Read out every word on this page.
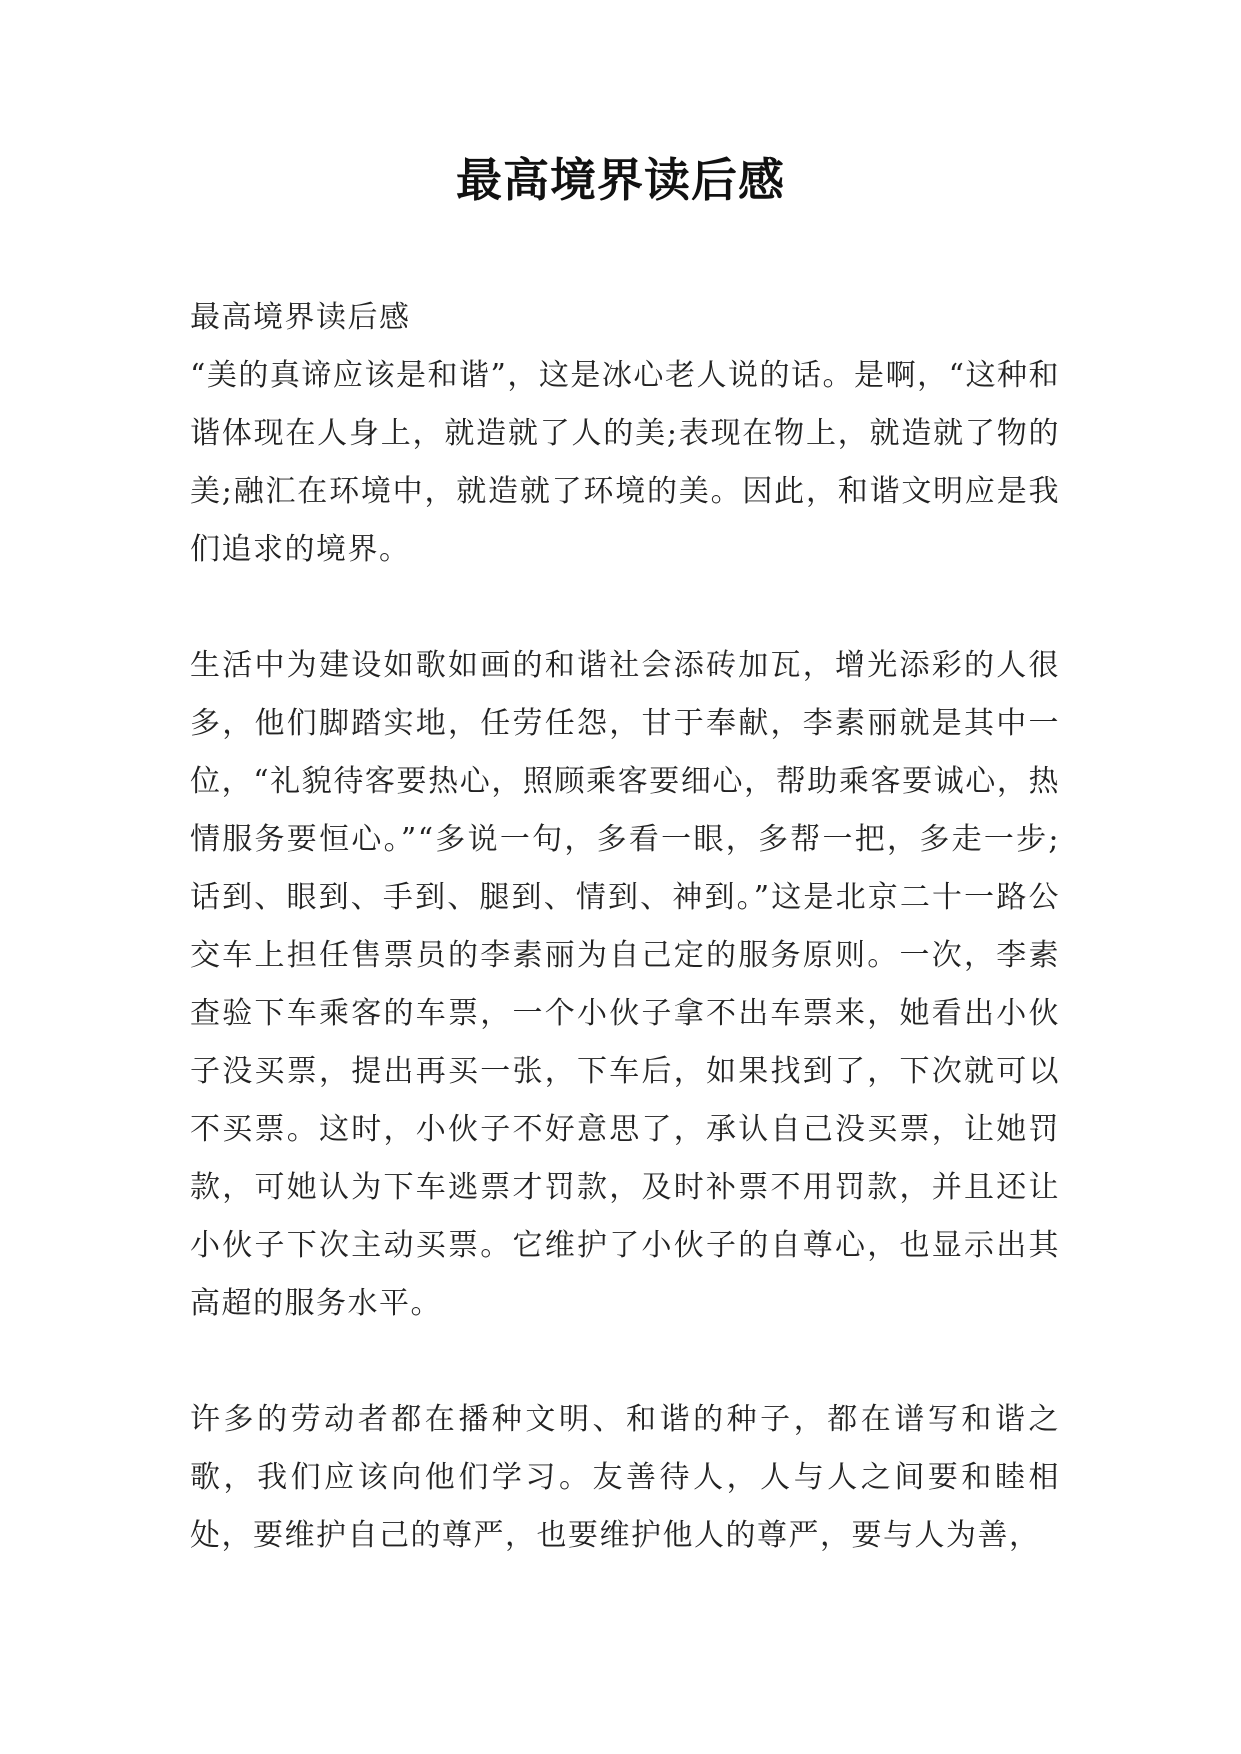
最高境界读后感

最高境界读后感

“美的真谛应该是和谐”，这是冰心老人说的话。是啊，“这种和谐体现在人身上，就造就了人的美;表现在物上，就造就了物的美;融汇在环境中，就造就了环境的美。因此，和谐文明应是我们追求的境界。

生活中为建设如歌如画的和谐社会添砖加瓦，增光添彩的人很多，他们脚踏实地，任劳任怨，甘于奉献，李素丽就是其中一位，“礼貌待客要热心，照顾乘客要细心，帮助乘客要诚心，热情服务要恒心。”“多说一句，多看一眼，多帮一把，多走一步;话到、眼到、手到、腿到、情到、神到。”这是北京二十一路公交车上担任售票员的李素丽为自己定的服务原则。一次，李素查验下车乘客的车票，一个小伙子拿不出车票来，她看出小伙子没买票，提出再买一张，下车后，如果找到了，下次就可以不买票。这时，小伙子不好意思了，承认自己没买票，让她罚款，可她认为下车逃票才罚款，及时补票不用罚款，并且还让小伙子下次主动买票。它维护了小伙子的自尊心，也显示出其高超的服务水平。

许多的劳动者都在播种文明、和谐的种子，都在谱写和谐之歌，我们应该向他们学习。友善待人，人与人之间要和睦相处，要维护自己的尊严，也要维护他人的尊严，要与人为善，
